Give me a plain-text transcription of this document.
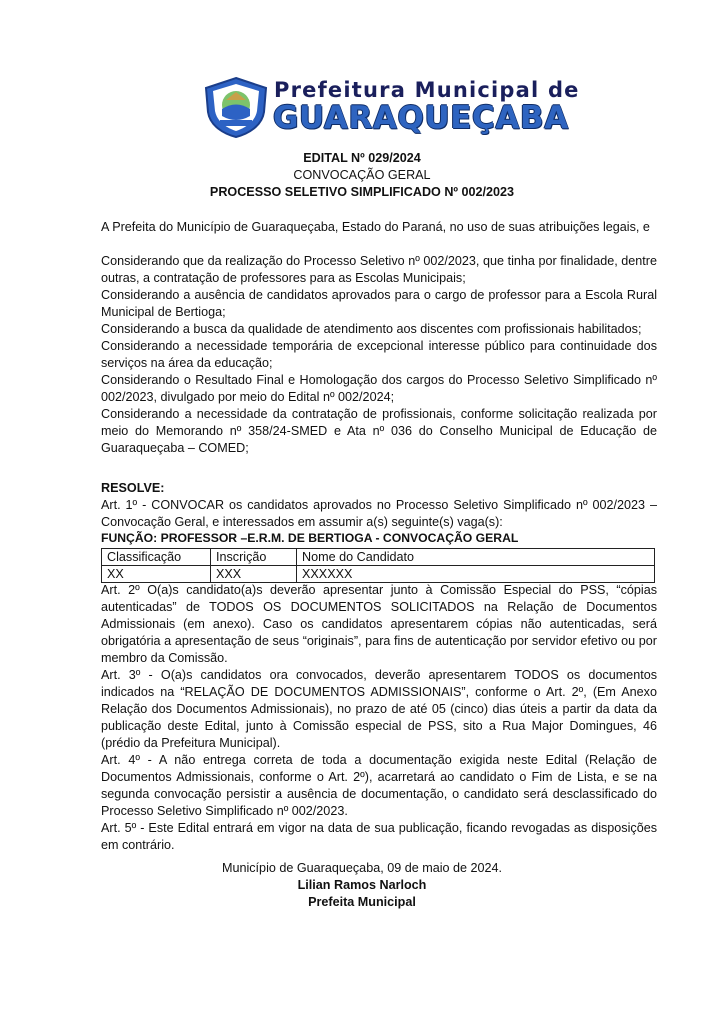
Prefeitura Municipal de
GUARAQUEÇABA
EDITAL Nº 029/2024
CONVOCAÇÃO GERAL
PROCESSO SELETIVO SIMPLIFICADO Nº 002/2023
A Prefeita do Município de Guaraqueçaba, Estado do Paraná, no uso de suas atribuições legais, e

Considerando que da realização do Processo Seletivo nº 002/2023, que tinha por finalidade, dentre outras, a contratação de professores para as Escolas Municipais;

Considerando a ausência de candidatos aprovados para o cargo de professor para a Escola Rural Municipal de Bertioga;

Considerando a busca da qualidade de atendimento aos discentes com profissionais habilitados;

Considerando a necessidade temporária de excepcional interesse público para continuidade dos serviços na área da educação;

Considerando o Resultado Final e Homologação dos cargos do Processo Seletivo Simplificado nº 002/2023, divulgado por meio do Edital nº 002/2024;

Considerando a necessidade da contratação de profissionais, conforme solicitação realizada por meio do Memorando nº 358/24-SMED e Ata nº 036 do Conselho Municipal de Educação de Guaraqueçaba – COMED;

RESOLVE:
Art. 1º - CONVOCAR os candidatos aprovados no Processo Seletivo Simplificado nº 002/2023 – Convocação Geral, e interessados em assumir a(s) seguinte(s) vaga(s):
FUNÇÃO: PROFESSOR –E.R.M. DE BERTIOGA - CONVOCAÇÃO GERAL
Classificação	Inscrição	Nome do Candidato
XX	XXX	XXXXXX

Art. 2º O(a)s candidato(a)s deverão apresentar junto à Comissão Especial do PSS, “cópias autenticadas” de TODOS OS DOCUMENTOS SOLICITADOS na Relação de Documentos Admissionais (em anexo). Caso os candidatos apresentarem cópias não autenticadas, será obrigatória a apresentação de seus “originais”, para fins de autenticação por servidor efetivo ou por membro da Comissão.

Art. 3º - O(a)s candidatos ora convocados, deverão apresentarem TODOS os documentos indicados na “RELAÇÃO DE DOCUMENTOS ADMISSIONAIS”, conforme o Art. 2º, (Em Anexo Relação dos Documentos Admissionais), no prazo de até 05 (cinco) dias úteis a partir da data da publicação deste Edital, junto à Comissão especial de PSS, sito a Rua Major Domingues, 46 (prédio da Prefeitura Municipal).

Art. 4º - A não entrega correta de toda a documentação exigida neste Edital (Relação de Documentos Admissionais, conforme o Art. 2º), acarretará ao candidato o Fim de Lista, e se na segunda convocação persistir a ausência de documentação, o candidato será desclassificado do Processo Seletivo Simplificado nº 002/2023.

Art. 5º - Este Edital entrará em vigor na data de sua publicação, ficando revogadas as disposições em contrário.

Município de Guaraqueçaba, 09 de maio de 2024.
Lilian Ramos Narloch
Prefeita Municipal
